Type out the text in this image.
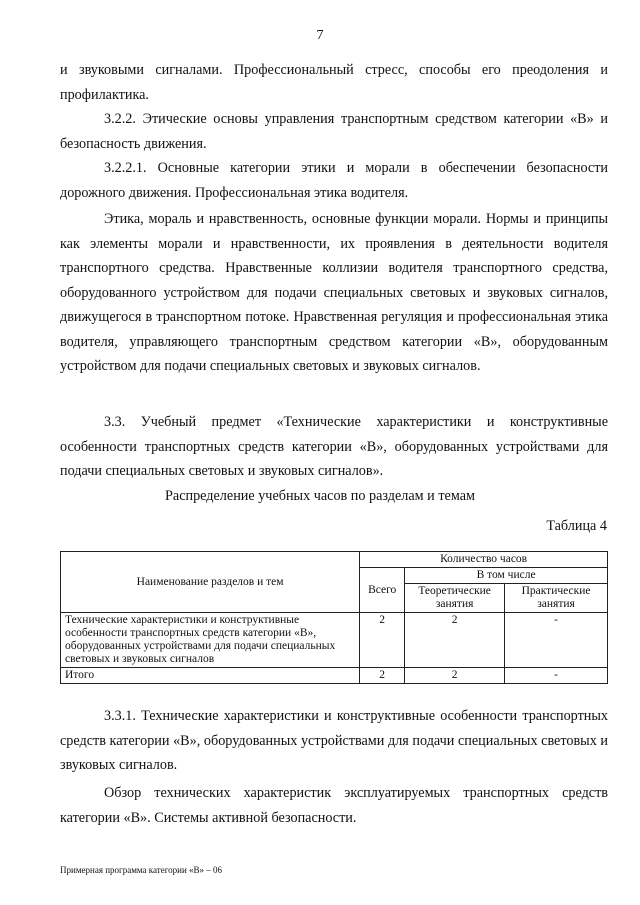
7
и звуковыми сигналами. Профессиональный стресс, способы его преодоления и профилактика.
3.2.2. Этические основы управления транспортным средством категории «В» и безопасность движения.
3.2.2.1. Основные категории этики и морали в обеспечении безопасности дорожного движения. Профессиональная этика водителя.
Этика, мораль и нравственность, основные функции морали. Нормы и принципы как элементы морали и нравственности, их проявления в деятельности водителя транспортного средства. Нравственные коллизии водителя транспортного средства, оборудованного устройством для подачи специальных световых и звуковых сигналов, движущегося в транспортном потоке. Нравственная регуляция и профессиональная этика водителя, управляющего транспортным средством категории «В», оборудованным устройством для подачи специальных световых и звуковых сигналов.
3.3. Учебный предмет «Технические характеристики и конструктивные особенности транспортных средств категории «В», оборудованных устройствами для подачи специальных световых и звуковых сигналов».
Распределение учебных часов по разделам и темам
Таблица 4
Наименование разделов и тем	Количество часов		
	Всего	В том числе	
		Теоретические занятия	Практические занятия
Технические характеристики и конструктивные особенности транспортных средств категории «В», оборудованных устройствами для подачи специальных световых и звуковых сигналов	2	2	-
Итого	2	2	-
3.3.1. Технические характеристики и конструктивные особенности транспортных средств категории «В», оборудованных устройствами для подачи специальных световых и звуковых сигналов.
Обзор технических характеристик эксплуатируемых транспортных средств категории «В». Системы активной безопасности.
Примерная программа категории «В» – 06
